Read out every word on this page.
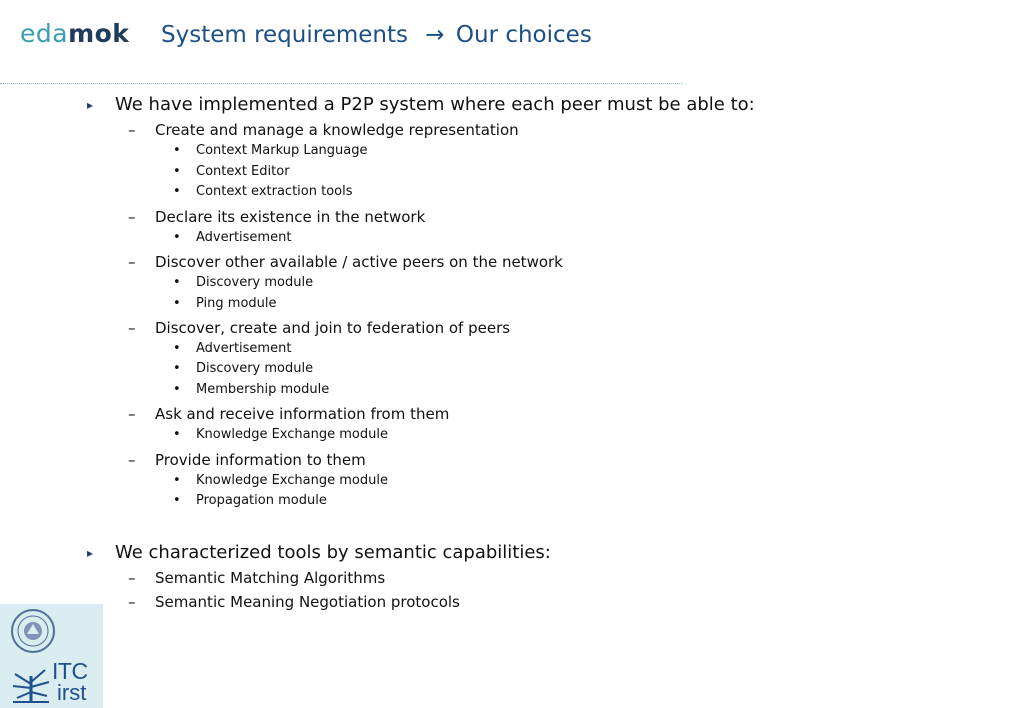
edamok System requirements → Our choices
▸ We have implemented a P2P system where each peer must be able to:
– Create and manage a knowledge representation
• Context Markup Language
• Context Editor
• Context extraction tools
– Declare its existence in the network
• Advertisement
– Discover other available / active peers on the network
• Discovery module
• Ping module
– Discover, create and join to federation of peers
• Advertisement
• Discovery module
• Membership module
– Ask and receive information from them
• Knowledge Exchange module
– Provide information to them
• Knowledge Exchange module
• Propagation module
▸ We characterized tools by semantic capabilities:
– Semantic Matching Algorithms
– Semantic Meaning Negotiation protocols
ITC
irst
